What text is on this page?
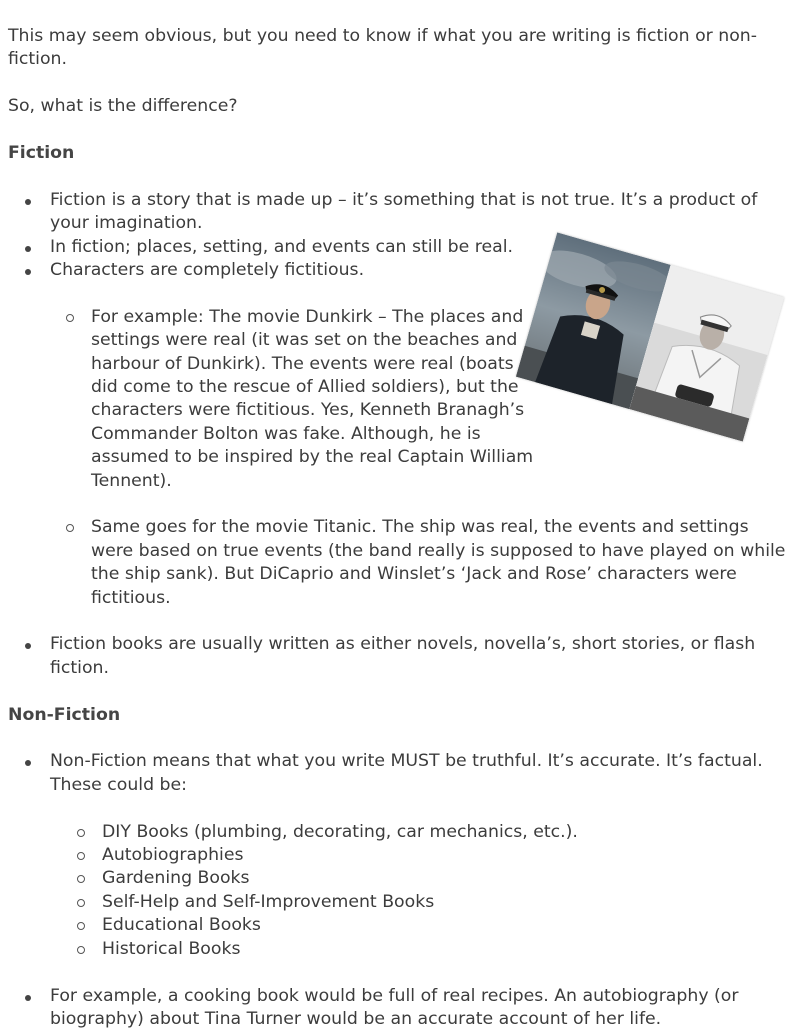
This may seem obvious, but you need to know if what you are writing is fiction or non-fiction.

So, what is the difference?

Fiction

Fiction is a story that is made up – it’s something that is not true. It’s a product of your imagination.
In fiction; places, setting, and events can still be real.
Characters are completely fictitious.
For example: The movie Dunkirk – The places and settings were real (it was set on the beaches and harbour of Dunkirk). The events were real (boats did come to the rescue of Allied soldiers), but the characters were fictitious. Yes, Kenneth Branagh’s Commander Bolton was fake. Although, he is assumed to be inspired by the real Captain William Tennent).
Same goes for the movie Titanic. The ship was real, the events and settings were based on true events (the band really is supposed to have played on while the ship sank). But DiCaprio and Winslet’s ‘Jack and Rose’ characters were fictitious.
Fiction books are usually written as either novels, novella’s, short stories, or flash fiction.

Non-Fiction

Non-Fiction means that what you write MUST be truthful. It’s accurate. It’s factual. These could be:
DIY Books (plumbing, decorating, car mechanics, etc.).
Autobiographies
Gardening Books
Self-Help and Self-Improvement Books
Educational Books
Historical Books
For example, a cooking book would be full of real recipes. An autobiography (or biography) about Tina Turner would be an accurate account of her life.
